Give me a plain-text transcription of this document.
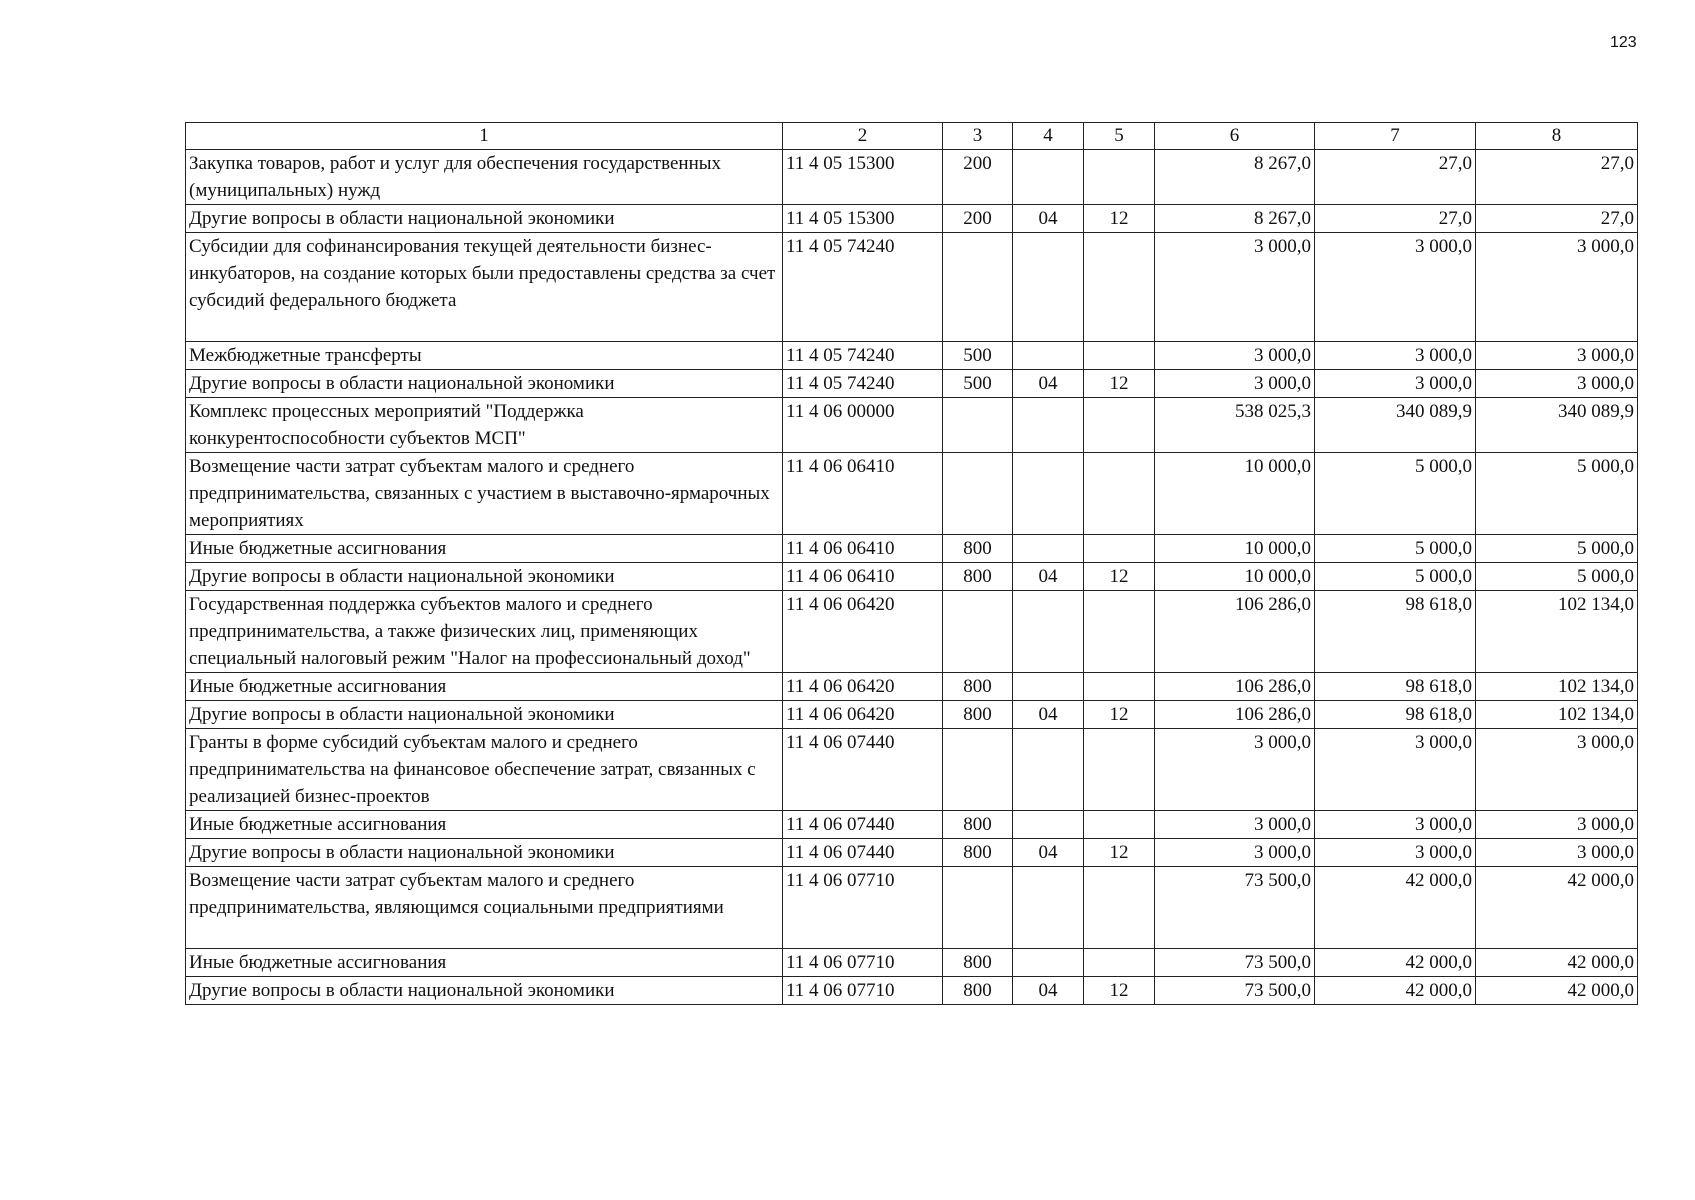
123
1	2	3	4	5	6	7	8
Закупка товаров, работ и услуг для обеспечения государственных (муниципальных) нужд	11 4 05 15300	200			8 267,0	27,0	27,0
Другие вопросы в области национальной экономики	11 4 05 15300	200	04	12	8 267,0	27,0	27,0
Субсидии для софинансирования текущей деятельности бизнес-инкубаторов, на создание которых были предоставлены средства за счет субсидий федерального бюджета	11 4 05 74240				3 000,0	3 000,0	3 000,0
Межбюджетные трансферты	11 4 05 74240	500			3 000,0	3 000,0	3 000,0
Другие вопросы в области национальной экономики	11 4 05 74240	500	04	12	3 000,0	3 000,0	3 000,0
Комплекс процессных мероприятий "Поддержка конкурентоспособности субъектов МСП"	11 4 06 00000				538 025,3	340 089,9	340 089,9
Возмещение части затрат субъектам малого и среднего предпринимательства, связанных с участием в выставочно-ярмарочных мероприятиях	11 4 06 06410				10 000,0	5 000,0	5 000,0
Иные бюджетные ассигнования	11 4 06 06410	800			10 000,0	5 000,0	5 000,0
Другие вопросы в области национальной экономики	11 4 06 06410	800	04	12	10 000,0	5 000,0	5 000,0
Государственная поддержка субъектов малого и среднего предпринимательства, а также физических лиц, применяющих специальный налоговый режим "Налог на профессиональный доход"	11 4 06 06420				106 286,0	98 618,0	102 134,0
Иные бюджетные ассигнования	11 4 06 06420	800			106 286,0	98 618,0	102 134,0
Другие вопросы в области национальной экономики	11 4 06 06420	800	04	12	106 286,0	98 618,0	102 134,0
Гранты в форме субсидий субъектам малого и среднего предпринимательства на финансовое обеспечение затрат, связанных с реализацией бизнес-проектов	11 4 06 07440				3 000,0	3 000,0	3 000,0
Иные бюджетные ассигнования	11 4 06 07440	800			3 000,0	3 000,0	3 000,0
Другие вопросы в области национальной экономики	11 4 06 07440	800	04	12	3 000,0	3 000,0	3 000,0
Возмещение части затрат субъектам малого и среднего предпринимательства, являющимся социальными предприятиями	11 4 06 07710				73 500,0	42 000,0	42 000,0
Иные бюджетные ассигнования	11 4 06 07710	800			73 500,0	42 000,0	42 000,0
Другие вопросы в области национальной экономики	11 4 06 07710	800	04	12	73 500,0	42 000,0	42 000,0
